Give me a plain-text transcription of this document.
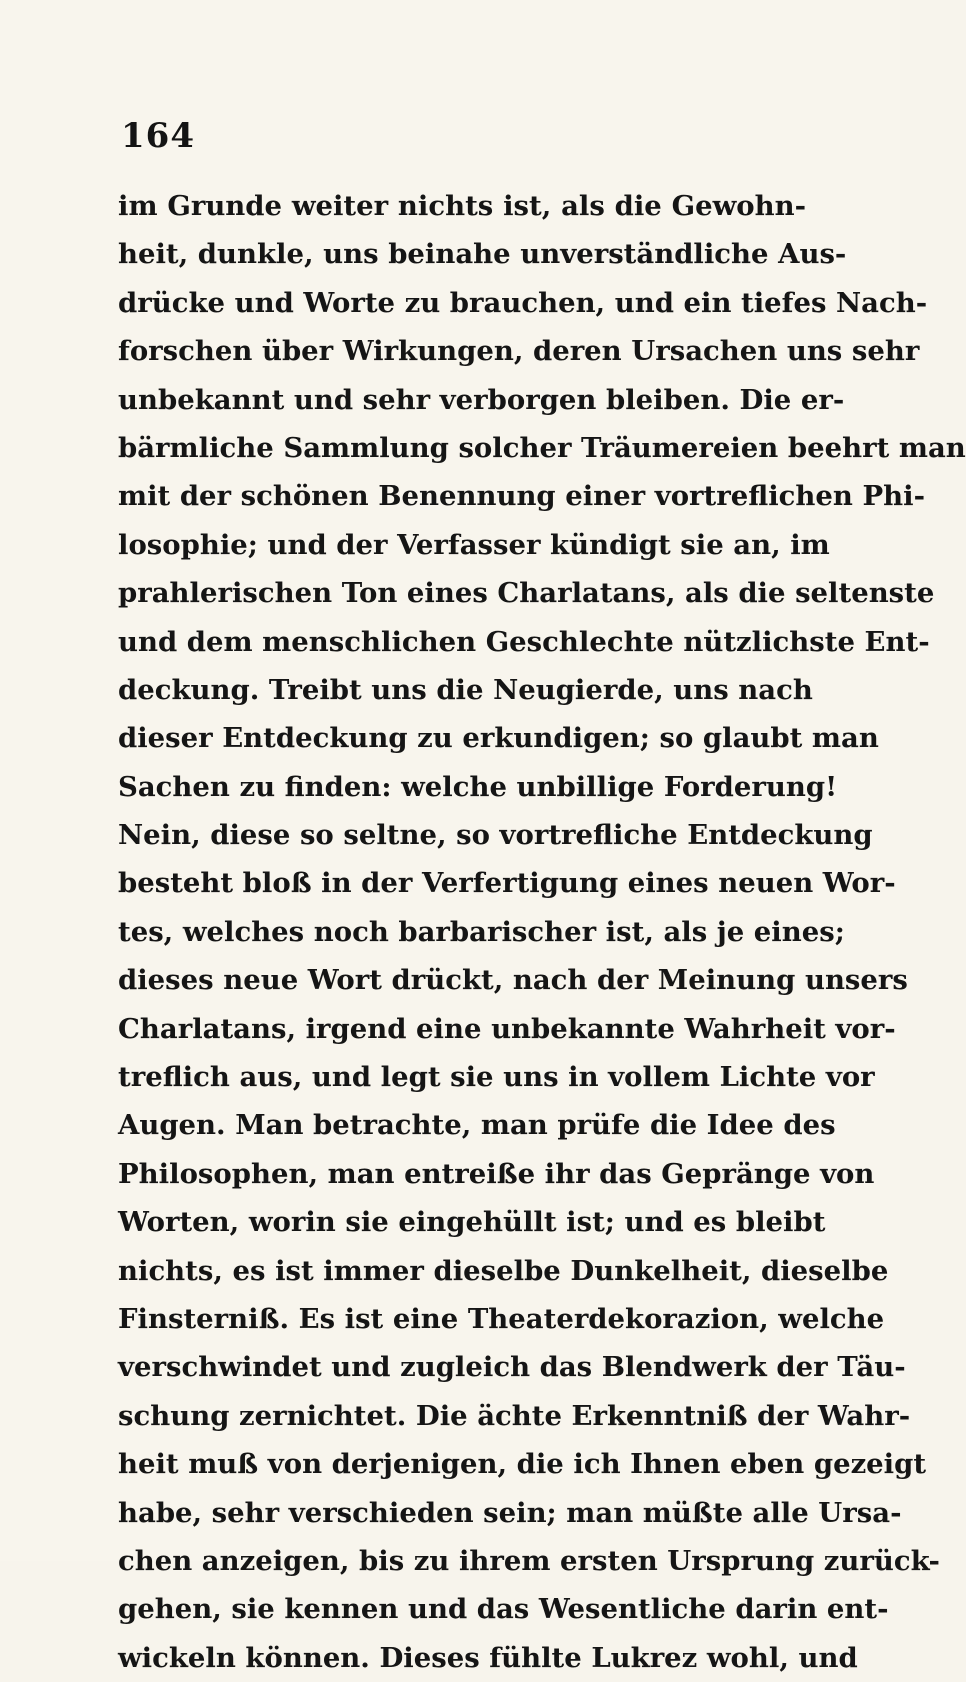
164
im Grunde weiter nichts ist, als die Gewohn-
heit, dunkle, uns beinahe unverständliche Aus-
drücke und Worte zu brauchen, und ein tiefes Nach-
forschen über Wirkungen, deren Ursachen uns sehr
unbekannt und sehr verborgen bleiben. Die er-
bärmliche Sammlung solcher Träumereien beehrt man
mit der schönen Benennung einer vortreflichen Phi-
losophie; und der Verfasser kündigt sie an, im
prahlerischen Ton eines Charlatans, als die seltenste
und dem menschlichen Geschlechte nützlichste Ent-
deckung. Treibt uns die Neugierde, uns nach
dieser Entdeckung zu erkundigen; so glaubt man
Sachen zu finden: welche unbillige Forderung!
Nein, diese so seltne, so vortrefliche Entdeckung
besteht bloß in der Verfertigung eines neuen Wor-
tes, welches noch barbarischer ist, als je eines;
dieses neue Wort drückt, nach der Meinung unsers
Charlatans, irgend eine unbekannte Wahrheit vor-
treflich aus, und legt sie uns in vollem Lichte vor
Augen. Man betrachte, man prüfe die Idee des
Philosophen, man entreiße ihr das Gepränge von
Worten, worin sie eingehüllt ist; und es bleibt
nichts, es ist immer dieselbe Dunkelheit, dieselbe
Finsterniß. Es ist eine Theaterdekorazion, welche
verschwindet und zugleich das Blendwerk der Täu-
schung zernichtet. Die ächte Erkenntniß der Wahr-
heit muß von derjenigen, die ich Ihnen eben gezeigt
habe, sehr verschieden sein; man müßte alle Ursa-
chen anzeigen, bis zu ihrem ersten Ursprung zurück-
gehen, sie kennen und das Wesentliche darin ent-
wickeln können. Dieses fühlte Lukrez wohl, und
